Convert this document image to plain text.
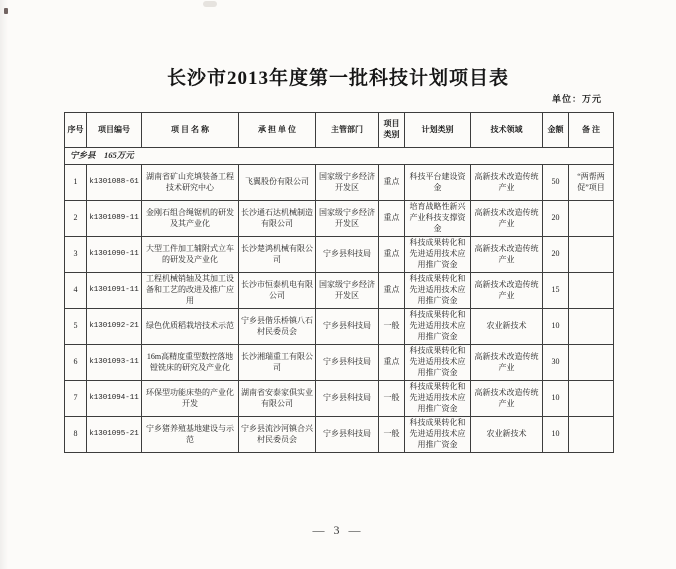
长沙市2013年度第一批科技计划项目表
单位：万元
序号	项目编号	项 目 名 称	承 担 单 位	主管部门	项目类别	计划类别	技术领域	金额	备 注
宁乡县　165万元									
1	k1301088-61	湖南省矿山充填装备工程技术研究中心	飞翼股份有限公司	国家级宁乡经济开发区	重点	科技平台建设资金	高新技术改造传统产业	50	“两帮两促”项目
2	k1301089-11	金刚石组合绳锯机的研发及其产业化	长沙通石达机械制造有限公司	国家级宁乡经济开发区	重点	培育战略性新兴产业科技支撑资金	高新技术改造传统产业	20	
3	k1301090-11	大型工件加工辅附式立车的研发及产业化	长沙楚鸿机械有限公司	宁乡县科技局	重点	科技成果转化和先进适用技术应用推广资金	高新技术改造传统产业	20	
4	k1301091-11	工程机械销轴及其加工设备和工艺的改进及推广应用	长沙市恒泰机电有限公司	国家级宁乡经济开发区	重点	科技成果转化和先进适用技术应用推广资金	高新技术改造传统产业	15	
5	k1301092-21	绿色优质稻栽培技术示范	宁乡县偕乐桥镇八石村民委员会	宁乡县科技局	一般	科技成果转化和先进适用技术应用推广资金	农业新技术	10	
6	k1301093-11	16m高精度重型数控落地镗铣床的研究及产业化	长沙湘瑞重工有限公司	宁乡县科技局	重点	科技成果转化和先进适用技术应用推广资金	高新技术改造传统产业	30	
7	k1301094-11	环保型功能床垫的产业化开发	湖南省安泰家俱实业有限公司	宁乡县科技局	一般	科技成果转化和先进适用技术应用推广资金	高新技术改造传统产业	10	
8	k1301095-21	宁乡猪养殖基地建设与示范	宁乡县流沙河镇合兴村民委员会	宁乡县科技局	一般	科技成果转化和先进适用技术应用推广资金	农业新技术	10	
— 3 —
